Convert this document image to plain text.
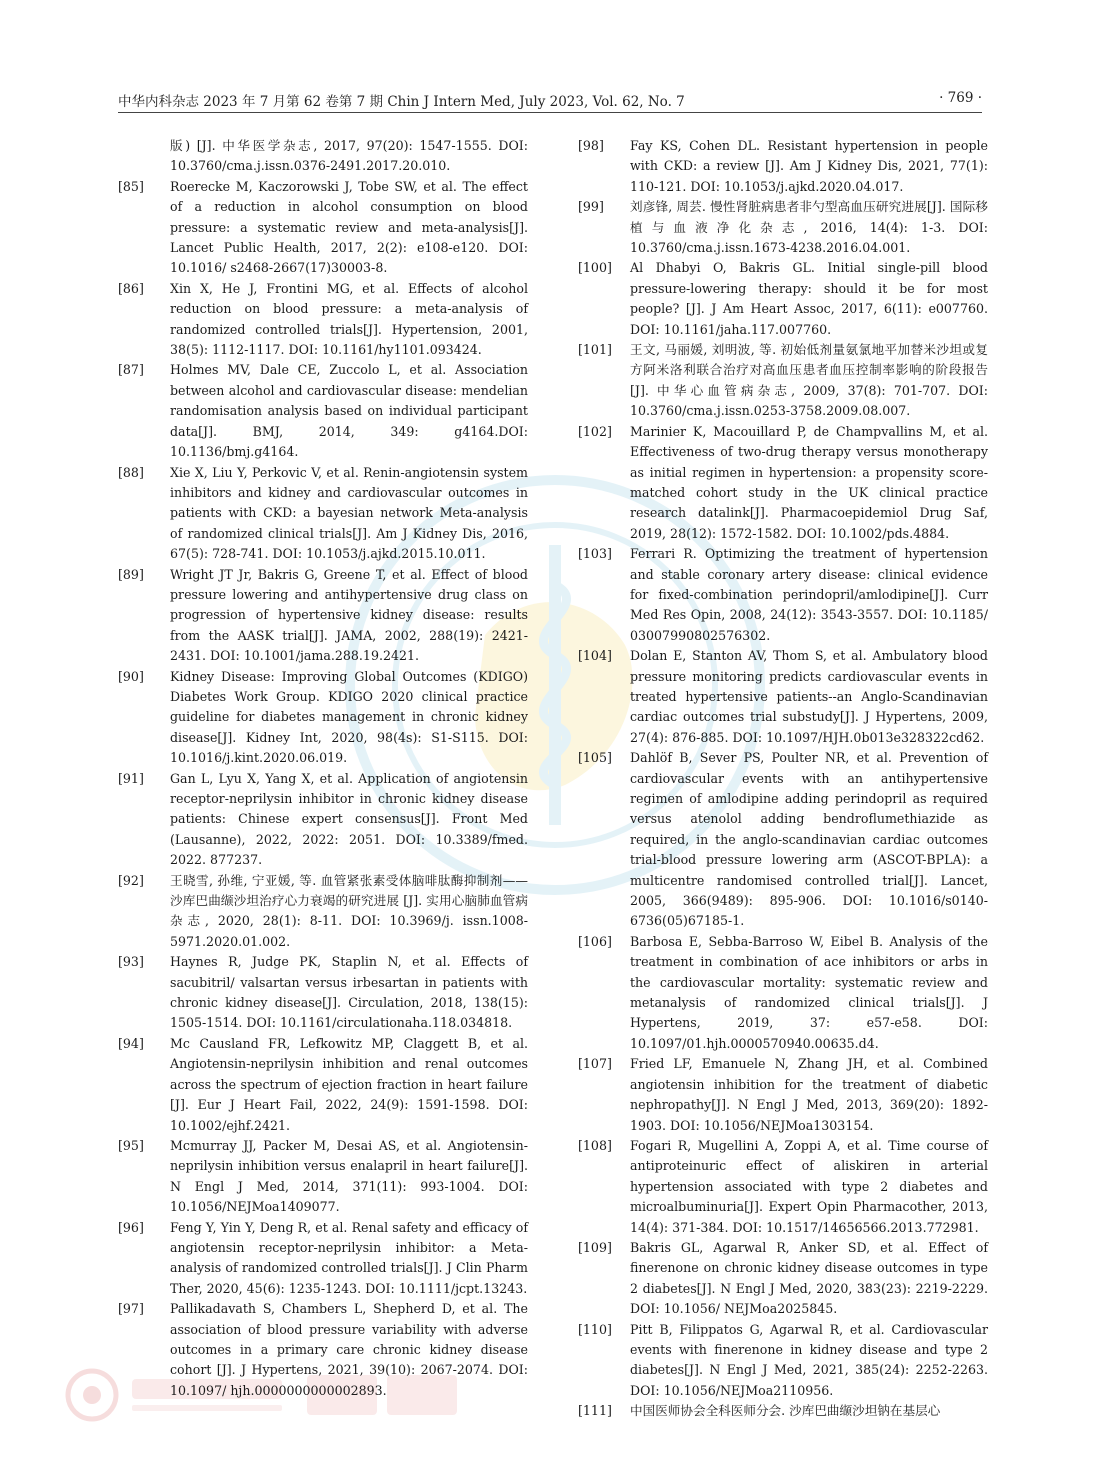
中华内科杂志 2023 年 7 月第 62 卷第 7 期 Chin J Intern Med, July 2023, Vol. 62, No. 7	· 769 ·
版) [J]. 中华医学杂志, 2017, 97(20): 1547-1555. DOI: 10.3760/cma.j.issn.0376-2491.2017.20.010.
[85]	Roerecke M, Kaczorowski J, Tobe SW, et al. The effect of a reduction in alcohol consumption on blood pressure: a systematic review and meta-analysis[J]. Lancet Public Health, 2017, 2(2): e108-e120. DOI: 10.1016/ s2468-2667(17)30003-8.
[86]	Xin X, He J, Frontini MG, et al. Effects of alcohol reduction on blood pressure: a meta-analysis of randomized controlled trials[J]. Hypertension, 2001, 38(5): 1112-1117. DOI: 10.1161/hy1101.093424.
[87]	Holmes MV, Dale CE, Zuccolo L, et al. Association between alcohol and cardiovascular disease: mendelian randomisation analysis based on individual participant data[J]. BMJ, 2014, 349: g4164.DOI: 10.1136/bmj.g4164.
[88]	Xie X, Liu Y, Perkovic V, et al. Renin-angiotensin system inhibitors and kidney and cardiovascular outcomes in patients with CKD: a bayesian network Meta-analysis of randomized clinical trials[J]. Am J Kidney Dis, 2016, 67(5): 728-741. DOI: 10.1053/j.ajkd.2015.10.011.
[89]	Wright JT Jr, Bakris G, Greene T, et al. Effect of blood pressure lowering and antihypertensive drug class on progression of hypertensive kidney disease: results from the AASK trial[J]. JAMA, 2002, 288(19): 2421-2431. DOI: 10.1001/jama.288.19.2421.
[90]	Kidney Disease: Improving Global Outcomes (KDIGO) Diabetes Work Group. KDIGO 2020 clinical practice guideline for diabetes management in chronic kidney disease[J]. Kidney Int, 2020, 98(4s): S1-S115. DOI: 10.1016/j.kint.2020.06.019.
[91]	Gan L, Lyu X, Yang X, et al. Application of angiotensin receptor-neprilysin inhibitor in chronic kidney disease patients: Chinese expert consensus[J]. Front Med (Lausanne), 2022, 2022: 2051. DOI: 10.3389/fmed. 2022. 877237.
[92]	王晓雪, 孙维, 宁亚媛, 等. 血管紧张素受体脑啡肽酶抑制剂——沙库巴曲缬沙坦治疗心力衰竭的研究进展 [J]. 实用心脑肺血管病杂志, 2020, 28(1): 8-11. DOI: 10.3969/j. issn.1008-5971.2020.01.002.
[93]	Haynes R, Judge PK, Staplin N, et al. Effects of sacubitril/ valsartan versus irbesartan in patients with chronic kidney disease[J]. Circulation, 2018, 138(15): 1505-1514. DOI: 10.1161/circulationaha.118.034818.
[94]	Mc Causland FR, Lefkowitz MP, Claggett B, et al. Angiotensin-neprilysin inhibition and renal outcomes across the spectrum of ejection fraction in heart failure [J]. Eur J Heart Fail, 2022, 24(9): 1591-1598. DOI: 10.1002/ejhf.2421.
[95]	Mcmurray JJ, Packer M, Desai AS, et al. Angiotensin-neprilysin inhibition versus enalapril in heart failure[J]. N Engl J Med, 2014, 371(11): 993-1004. DOI: 10.1056/NEJMoa1409077.
[96]	Feng Y, Yin Y, Deng R, et al. Renal safety and efficacy of angiotensin receptor-neprilysin inhibitor: a Meta-analysis of randomized controlled trials[J]. J Clin Pharm Ther, 2020, 45(6): 1235-1243. DOI: 10.1111/jcpt.13243.
[97]	Pallikadavath S, Chambers L, Shepherd D, et al. The association of blood pressure variability with adverse outcomes in a primary care chronic kidney disease cohort [J]. J Hypertens, 2021, 39(10): 2067-2074. DOI: 10.1097/ hjh.0000000000002893.
[98]	Fay KS, Cohen DL. Resistant hypertension in people with CKD: a review [J]. Am J Kidney Dis, 2021, 77(1): 110-121. DOI: 10.1053/j.ajkd.2020.04.017.
[99]	刘彦锋, 周芸. 慢性肾脏病患者非勺型高血压研究进展[J]. 国际移植与血液净化杂志, 2016, 14(4): 1-3. DOI: 10.3760/cma.j.issn.1673-4238.2016.04.001.
[100]	Al Dhabyi O, Bakris GL. Initial single-pill blood pressure-lowering therapy: should it be for most people? [J]. J Am Heart Assoc, 2017, 6(11): e007760. DOI: 10.1161/jaha.117.007760.
[101]	王文, 马丽媛, 刘明波, 等. 初始低剂量氨氯地平加替米沙坦或复方阿米洛利联合治疗对高血压患者血压控制率影响的阶段报告[J]. 中华心血管病杂志, 2009, 37(8): 701-707. DOI: 10.3760/cma.j.issn.0253-3758.2009.08.007.
[102]	Marinier K, Macouillard P, de Champvallins M, et al. Effectiveness of two-drug therapy versus monotherapy as initial regimen in hypertension: a propensity score-matched cohort study in the UK clinical practice research datalink[J]. Pharmacoepidemiol Drug Saf, 2019, 28(12): 1572-1582. DOI: 10.1002/pds.4884.
[103]	Ferrari R. Optimizing the treatment of hypertension and stable coronary artery disease: clinical evidence for fixed-combination perindopril/amlodipine[J]. Curr Med Res Opin, 2008, 24(12): 3543-3557. DOI: 10.1185/ 03007990802576302.
[104]	Dolan E, Stanton AV, Thom S, et al. Ambulatory blood pressure monitoring predicts cardiovascular events in treated hypertensive patients--an Anglo-Scandinavian cardiac outcomes trial substudy[J]. J Hypertens, 2009, 27(4): 876-885. DOI: 10.1097/HJH.0b013e328322cd62.
[105]	Dahlöf B, Sever PS, Poulter NR, et al. Prevention of cardiovascular events with an antihypertensive regimen of amlodipine adding perindopril as required versus atenolol adding bendroflumethiazide as required, in the anglo-scandinavian cardiac outcomes trial-blood pressure lowering arm (ASCOT-BPLA): a multicentre randomised controlled trial[J]. Lancet, 2005, 366(9489): 895-906. DOI: 10.1016/s0140-6736(05)67185-1.
[106]	Barbosa E, Sebba-Barroso W, Eibel B. Analysis of the treatment in combination of ace inhibitors or arbs in the cardiovascular mortality: systematic review and metanalysis of randomized clinical trials[J]. J Hypertens, 2019, 37: e57-e58. DOI: 10.1097/01.hjh.0000570940.00635.d4.
[107]	Fried LF, Emanuele N, Zhang JH, et al. Combined angiotensin inhibition for the treatment of diabetic nephropathy[J]. N Engl J Med, 2013, 369(20): 1892-1903. DOI: 10.1056/NEJMoa1303154.
[108]	Fogari R, Mugellini A, Zoppi A, et al. Time course of antiproteinuric effect of aliskiren in arterial hypertension associated with type 2 diabetes and microalbuminuria[J]. Expert Opin Pharmacother, 2013, 14(4): 371-384. DOI: 10.1517/14656566.2013.772981.
[109]	Bakris GL, Agarwal R, Anker SD, et al. Effect of finerenone on chronic kidney disease outcomes in type 2 diabetes[J]. N Engl J Med, 2020, 383(23): 2219-2229. DOI: 10.1056/ NEJMoa2025845.
[110]	Pitt B, Filippatos G, Agarwal R, et al. Cardiovascular events with finerenone in kidney disease and type 2 diabetes[J]. N Engl J Med, 2021, 385(24): 2252-2263. DOI: 10.1056/NEJMoa2110956.
[111]	中国医师协会全科医师分会. 沙库巴曲缬沙坦钠在基层心
